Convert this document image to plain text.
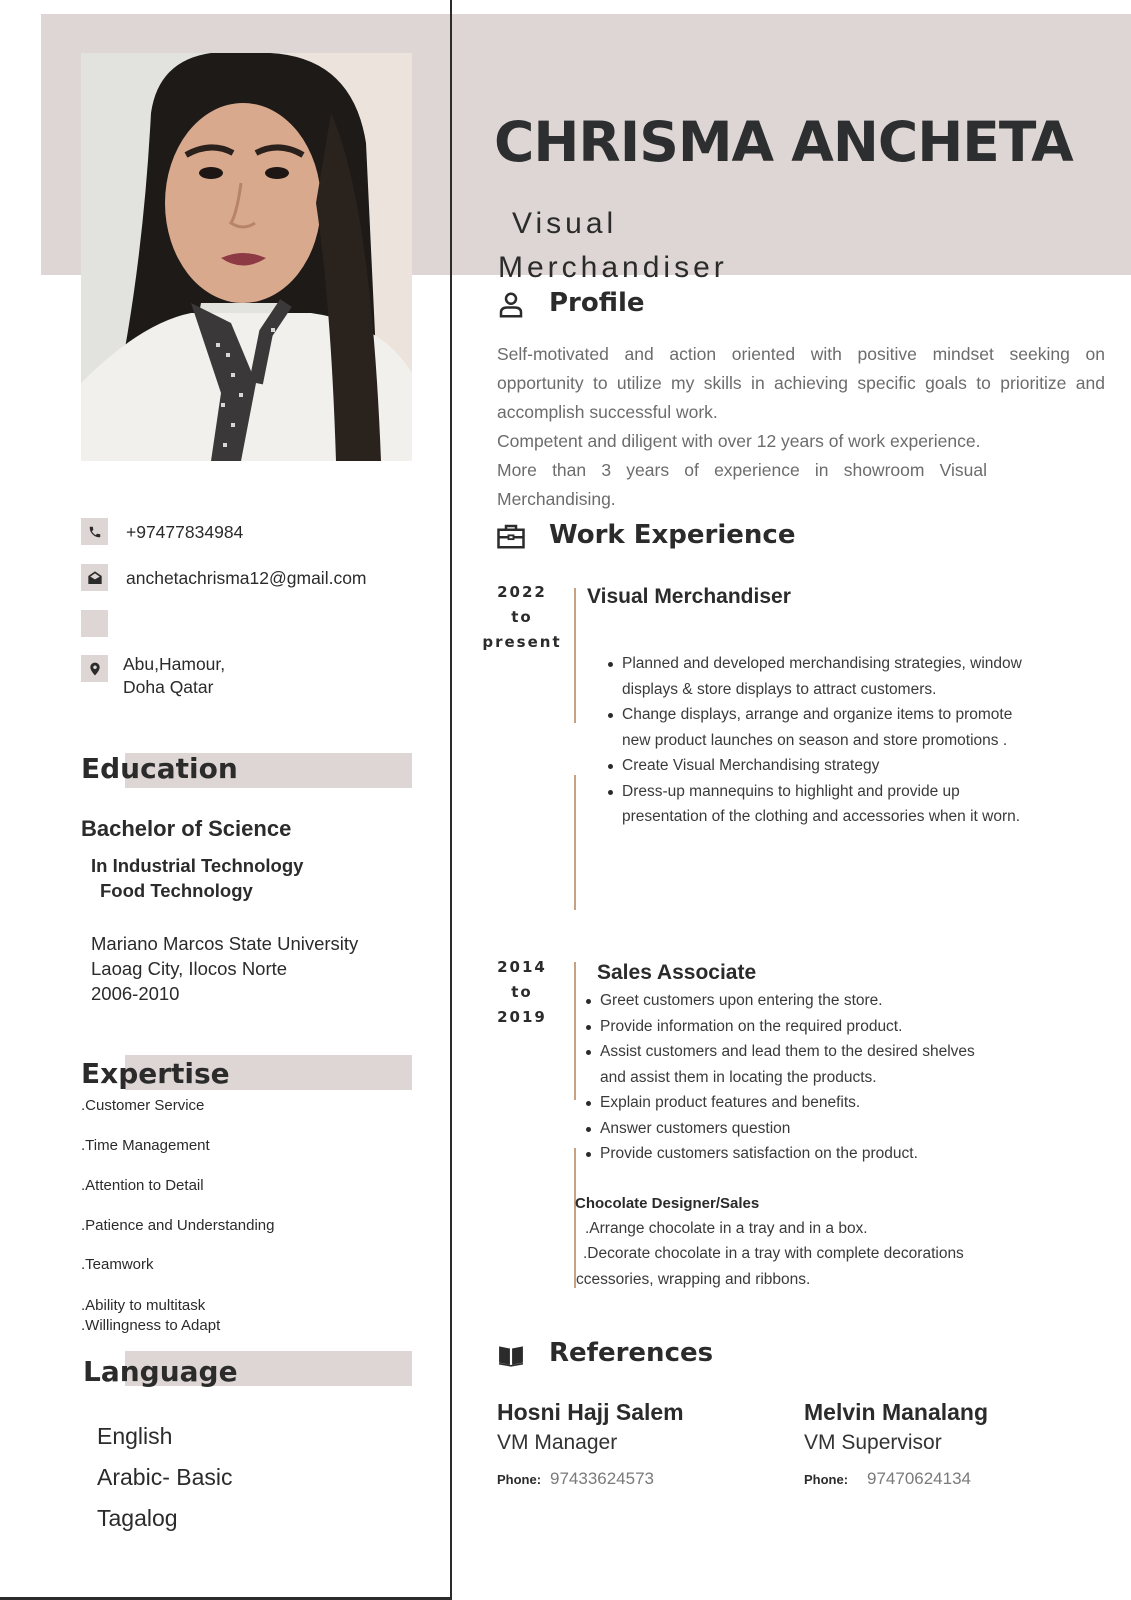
CHRISMA ANCHETA
Visual
Merchandiser
+97477834984
anchetachrisma12@gmail.com
Abu,Hamour,
Doha Qatar
Education
Bachelor of Science
In Industrial Technology
Food Technology
Mariano Marcos State University
Laoag City, Ilocos Norte
2006-2010
Expertise
.Customer Service
.Time Management
.Attention to Detail
.Patience and Understanding
.Teamwork
.Ability to multitask
.Willingness to Adapt
Language
English
Arabic- Basic
Tagalog
Profile

Self-motivated and action oriented with positive mindset seeking on opportunity to utilize my skills in achieving specific goals to prioritize and accomplish successful work.

Competent and diligent with over 12 years of work experience.

More than 3 years of experience in showroom Visual Merchandising.

Work Experience
2022
to
present
Visual Merchandiser
Planned and developed merchandising strategies, window displays & store displays to attract customers.
Change displays, arrange and organize items to promote new product launches on season and store promotions .
Create Visual Merchandising strategy
Dress-up mannequins to highlight and provide up presentation of the clothing and accessories when it worn.
2014
to
2019
Sales Associate
Greet customers upon entering the store.
Provide information on the required product.
Assist customers and lead them to the desired shelves and assist them in locating the products.
Explain product features and benefits.
Answer customers question
Provide customers satisfaction on the product.
Chocolate Designer/Sales
.Arrange chocolate in a tray and in a box.
.Decorate chocolate in a tray with complete decorations
ccessories, wrapping and ribbons.
References
Hosni Hajj Salem
VM Manager
Phone: 97433624573
Melvin Manalang
VM Supervisor
Phone: 97470624134
